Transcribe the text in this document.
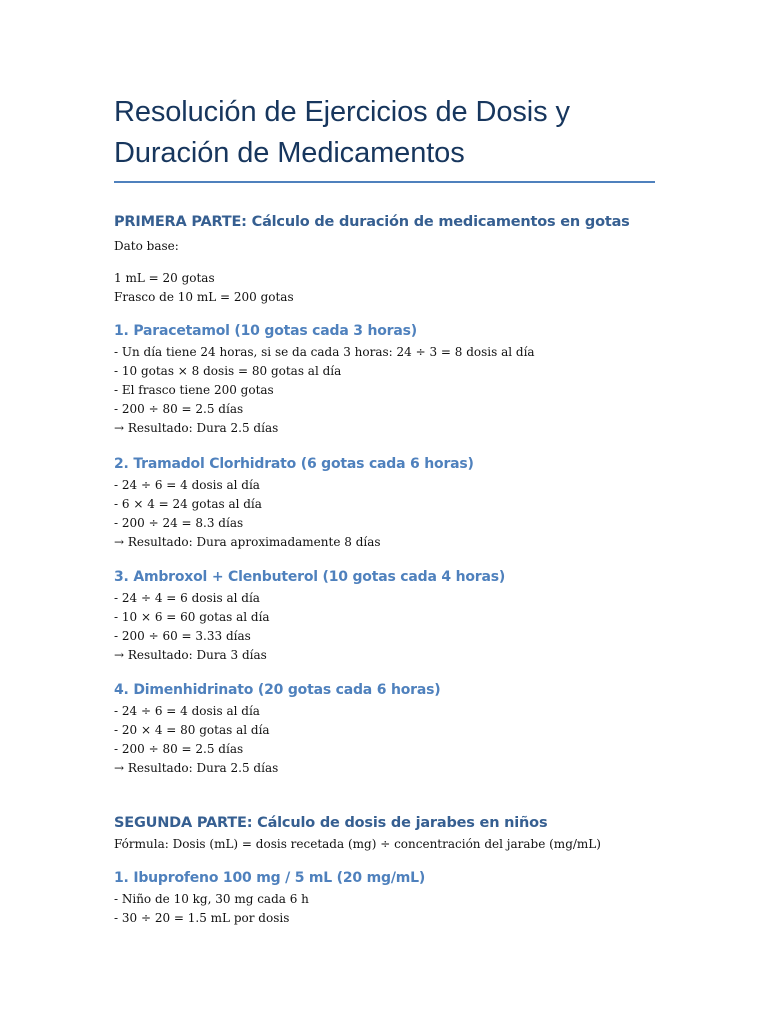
Resolución de Ejercicios de Dosis y
Duración de Medicamentos
PRIMERA PARTE: Cálculo de duración de medicamentos en gotas

Dato base:

1 mL = 20 gotas

Frasco de 10 mL = 200 gotas

1. Paracetamol (10 gotas cada 3 horas)

- Un día tiene 24 horas, si se da cada 3 horas: 24 ÷ 3 = 8 dosis al día

- 10 gotas × 8 dosis = 80 gotas al día

- El frasco tiene 200 gotas

- 200 ÷ 80 = 2.5 días

→ Resultado: Dura 2.5 días

2. Tramadol Clorhidrato (6 gotas cada 6 horas)

- 24 ÷ 6 = 4 dosis al día

- 6 × 4 = 24 gotas al día

- 200 ÷ 24 = 8.3 días

→ Resultado: Dura aproximadamente 8 días

3. Ambroxol + Clenbuterol (10 gotas cada 4 horas)

- 24 ÷ 4 = 6 dosis al día

- 10 × 6 = 60 gotas al día

- 200 ÷ 60 = 3.33 días

→ Resultado: Dura 3 días

4. Dimenhidrinato (20 gotas cada 6 horas)

- 24 ÷ 6 = 4 dosis al día

- 20 × 4 = 80 gotas al día

- 200 ÷ 80 = 2.5 días

→ Resultado: Dura 2.5 días

SEGUNDA PARTE: Cálculo de dosis de jarabes en niños

Fórmula: Dosis (mL) = dosis recetada (mg) ÷ concentración del jarabe (mg/mL)

1. Ibuprofeno 100 mg / 5 mL (20 mg/mL)

- Niño de 10 kg, 30 mg cada 6 h

- 30 ÷ 20 = 1.5 mL por dosis
